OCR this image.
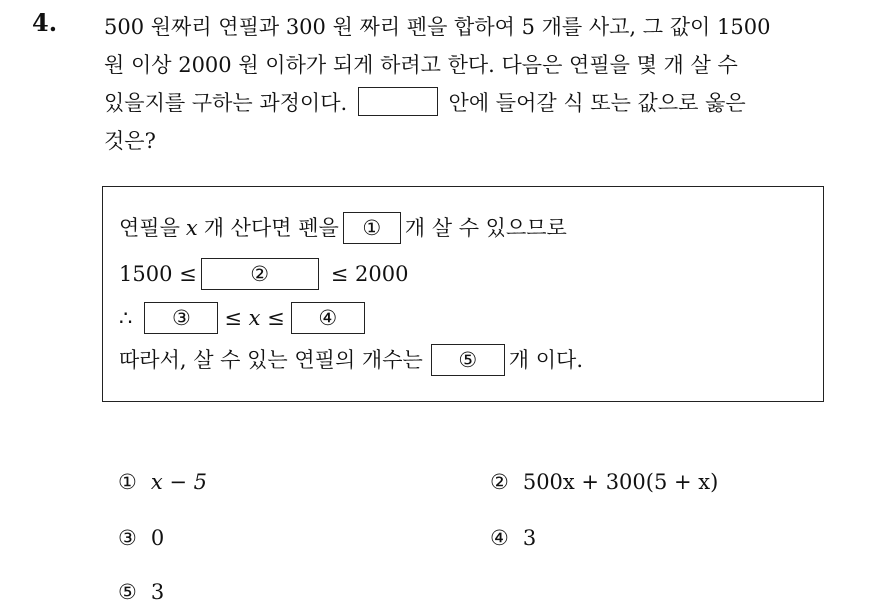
4. 500 원짜리 연필과 300 원 짜리 펜을 합하여 5 개를 사고, 그 값이 1500
원 이상 2000 원 이하가 되게 하려고 한다. 다음은 연필을 몇 개 살 수
있을지를 구하는 과정이다.	안에 들어갈 식 또는 값으로 옳은
것은?
연필을 x 개 산다면 펜을	①	개 살 수 있으므로
1500 ≤	②	≤ 2000
∴	③	≤ x ≤	④
따라서, 살 수 있는 연필의 개수는	⑤	개 이다.
① x − 5	② 500x + 300(5 + x)
③ 0	④ 3
⑤ 3
